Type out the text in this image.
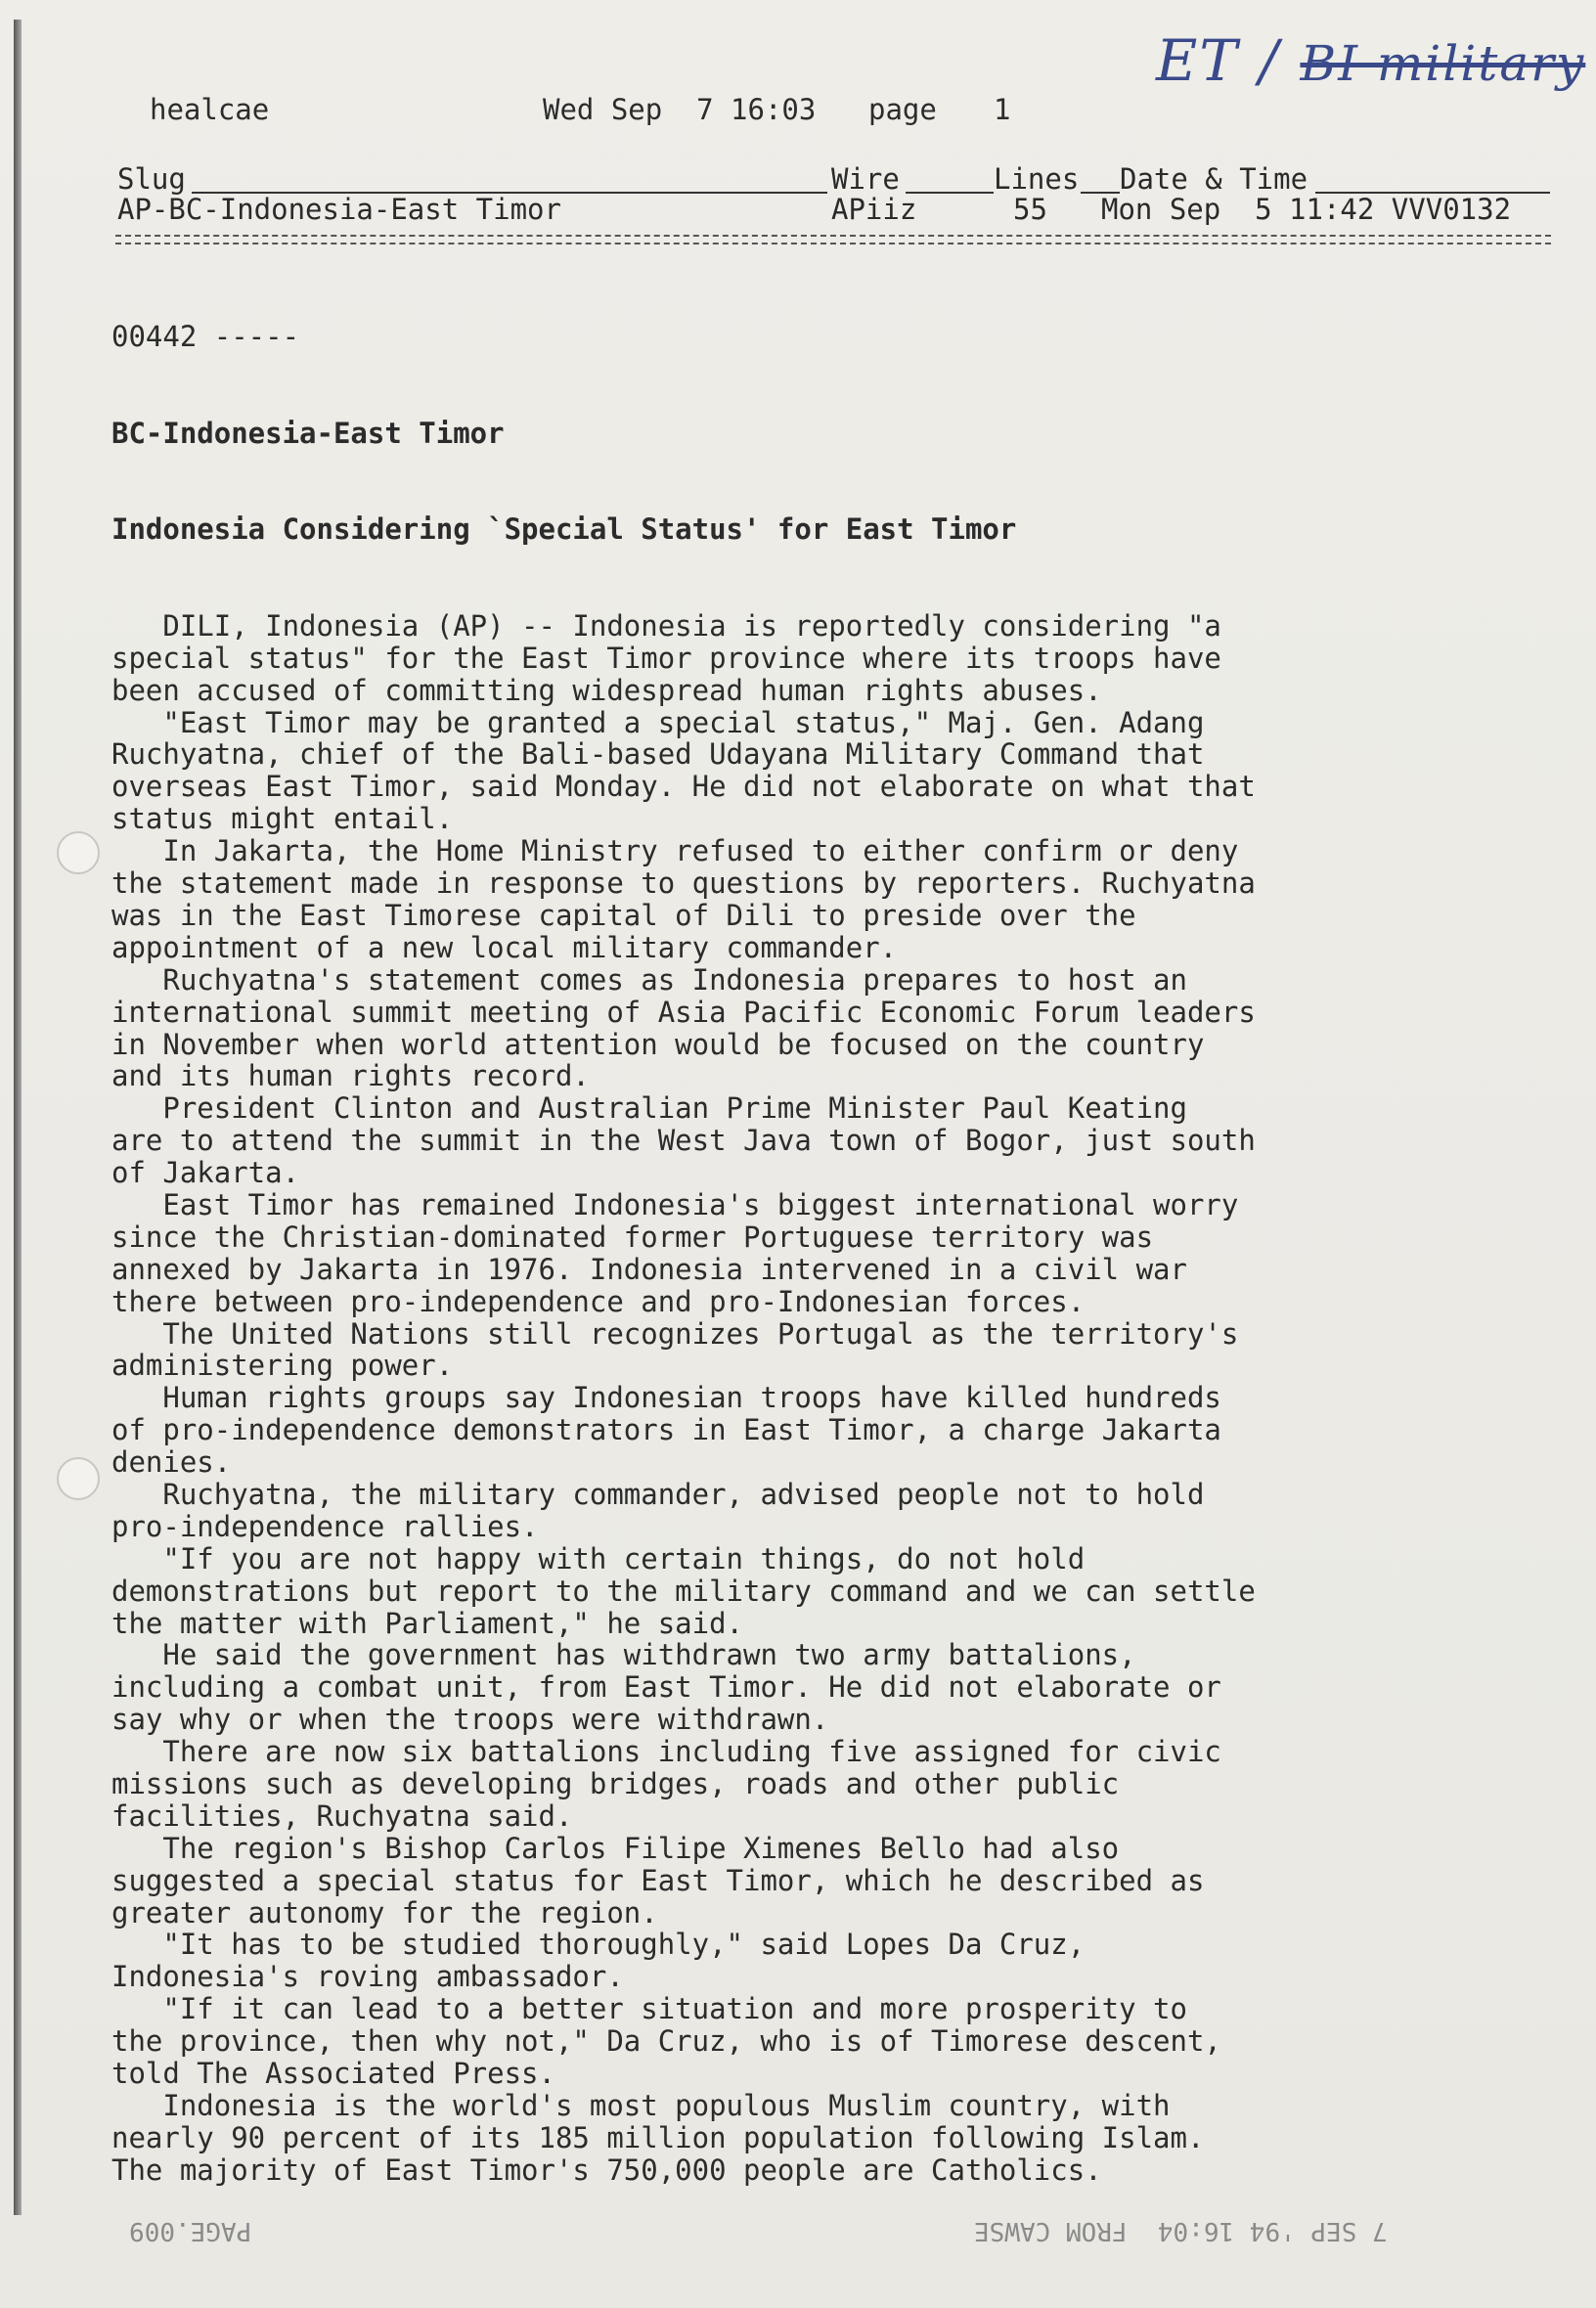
ET / BI military
healcae	Wed Sep  7 16:03 page 1
Slug	Wire	Lines Date & Time
AP-BC-Indonesia-East Timor	APiiz	55 Mon Sep  5 11:42 VVV0132

00442 -----

BC-Indonesia-East Timor

Indonesia Considering `Special Status' for East Timor

DILI, Indonesia (AP) -- Indonesia is reportedly considering "a
special status" for the East Timor province where its troops have
been accused of committing widespread human rights abuses.
"East Timor may be granted a special status," Maj. Gen. Adang
Ruchyatna, chief of the Bali-based Udayana Military Command that
overseas East Timor, said Monday. He did not elaborate on what that
status might entail.
In Jakarta, the Home Ministry refused to either confirm or deny
the statement made in response to questions by reporters. Ruchyatna
was in the East Timorese capital of Dili to preside over the
appointment of a new local military commander.
Ruchyatna's statement comes as Indonesia prepares to host an
international summit meeting of Asia Pacific Economic Forum leaders
in November when world attention would be focused on the country
and its human rights record.
President Clinton and Australian Prime Minister Paul Keating
are to attend the summit in the West Java town of Bogor, just south
of Jakarta.
East Timor has remained Indonesia's biggest international worry
since the Christian-dominated former Portuguese territory was
annexed by Jakarta in 1976. Indonesia intervened in a civil war
there between pro-independence and pro-Indonesian forces.
The United Nations still recognizes Portugal as the territory's
administering power.
Human rights groups say Indonesian troops have killed hundreds
of pro-independence demonstrators in East Timor, a charge Jakarta
denies.
Ruchyatna, the military commander, advised people not to hold
pro-independence rallies.
"If you are not happy with certain things, do not hold
demonstrations but report to the military command and we can settle
the matter with Parliament," he said.
He said the government has withdrawn two army battalions,
including a combat unit, from East Timor. He did not elaborate or
say why or when the troops were withdrawn.
There are now six battalions including five assigned for civic
missions such as developing bridges, roads and other public
facilities, Ruchyatna said.
The region's Bishop Carlos Filipe Ximenes Bello had also
suggested a special status for East Timor, which he described as
greater autonomy for the region.
"It has to be studied thoroughly," said Lopes Da Cruz,
Indonesia's roving ambassador.
"If it can lead to a better situation and more prosperity to
the province, then why not," Da Cruz, who is of Timorese descent,
told The Associated Press.
Indonesia is the world's most populous Muslim country, with
nearly 90 percent of its 185 million population following Islam.
The majority of East Timor's 750,000 people are Catholics.

PAGE.009	7 SEP '94 16:04  FROM CAWSE
